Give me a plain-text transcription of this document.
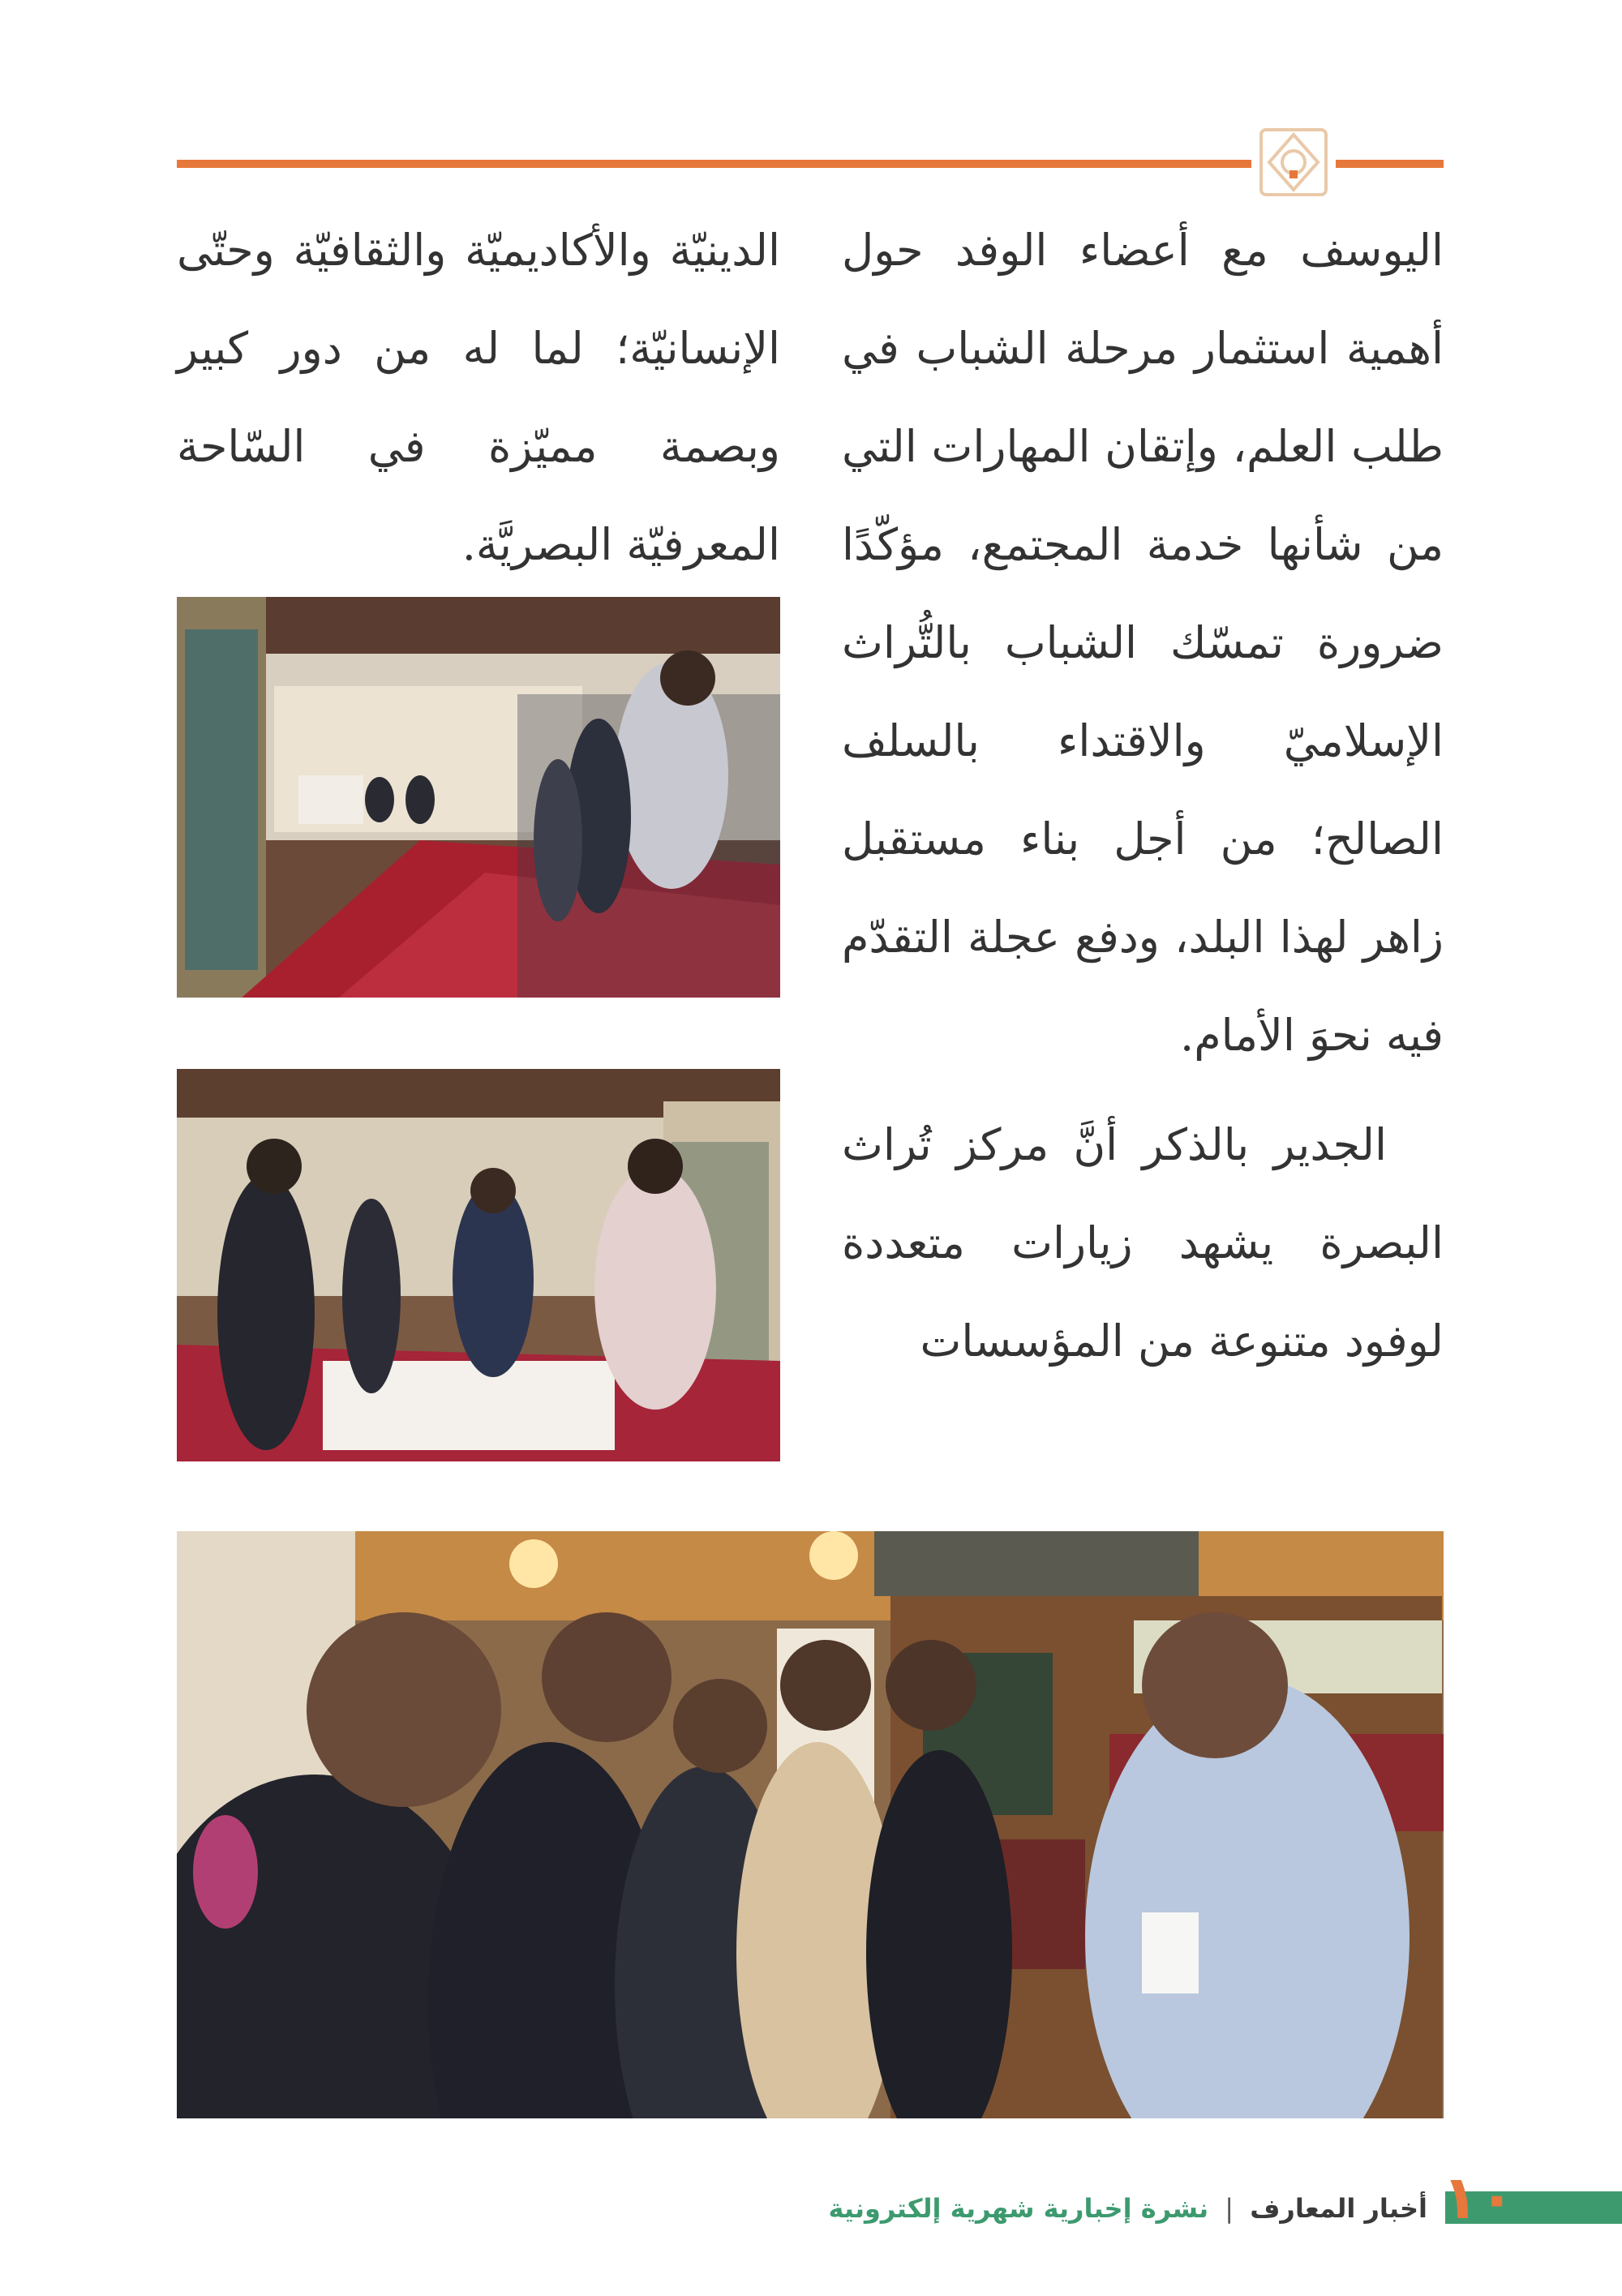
اليوسف مع أعضاء الوفد حول أهمية استثمار مرحلة الشباب في طلب العلم، وإتقان المهارات التي من شأنها خدمة المجتمع، مؤكّدًا ضرورة تمسّك الشباب بالتُّراث الإسلاميّ والاقتداء بالسلف الصالح؛ من أجل بناء مستقبل زاهر لهذا البلد، ودفع عجلة التقدّم فيه نحوَ الأمام.

الجدير بالذكر أنَّ مركز تُراث البصرة يشهد زيارات متعددة لوفود متنوعة من المؤسسات

الدينيّة والأكاديميّة والثقافيّة وحتّى الإنسانيّة؛ لما له من دور كبير وبصمة مميّزة في السّاحة المعرفيّة البصريَّة.

١٠
أخبار المعارف | نشرة إخبارية شهرية إلكترونية
